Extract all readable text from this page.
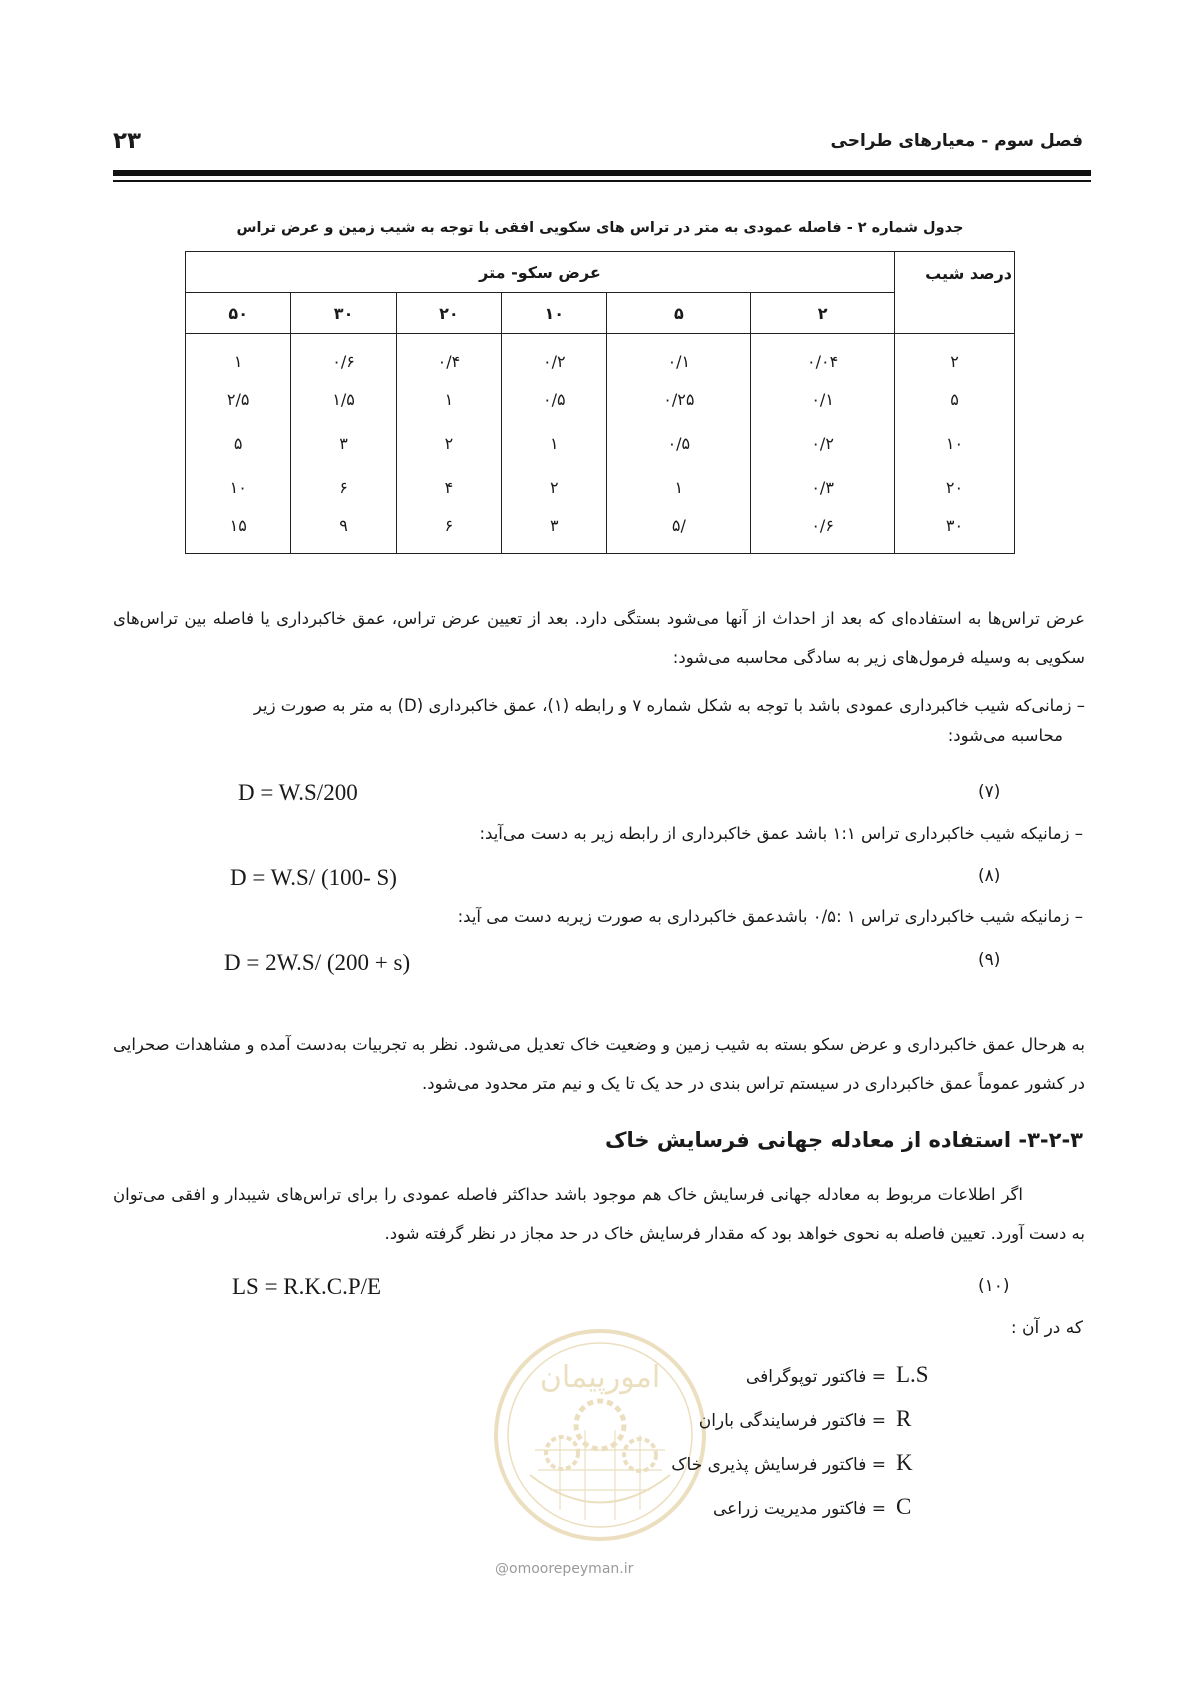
۲۳	فصل سوم - معیارهای طراحی
جدول شماره ۲ - فاصله عمودی به متر در تراس های سکویی افقی با توجه به شیب زمین و عرض تراس
درصد شیب	عرض سکو- متر					
	۲	۵	۱۰	۲۰	۳۰	۵۰
۲	۰/۰۴	۰/۱	۰/۲	۰/۴	۰/۶	۱
۵	۰/۱	۰/۲۵	۰/۵	۱	۱/۵	۲/۵
۱۰	۰/۲	۰/۵	۱	۲	۳	۵
۲۰	۰/۳	۱	۲	۴	۶	۱۰
۳۰	۰/۶	/۵	۳	۶	۹	۱۵
عرض تراس‌ها به استفاده‌ای که بعد از احداث از آنها می‌شود بستگی دارد. بعد از تعیین عرض تراس، عمق خاکبرداری یا فاصله بین تراس‌های سکویی به وسیله فرمول‌های زیر به سادگی محاسبه می‌شود:
– زمانی‌که شیب خاکبرداری عمودی باشد با توجه به شکل شماره ۷ و رابطه (۱)، عمق خاکبرداری (D) به متر به صورت زیر
محاسبه می‌شود:
D = W.S/200	(۷)
– زمانیکه شیب خاکبرداری تراس ۱:۱ باشد عمق خاکبرداری از رابطه زیر به دست می‌آید:
D = W.S/ (100- S)	(۸)
– زمانیکه شیب خاکبرداری تراس ۱ :۰/۵ باشدعمق خاکبرداری به صورت زیربه دست می آید:
D = 2W.S/ (200 + s)	(۹)
به هرحال عمق خاکبرداری و عرض سکو بسته به شیب زمین و وضعیت خاک تعدیل می‌شود. نظر به تجربیات به‌دست آمده و مشاهدات صحرایی در کشور عموماً عمق خاکبرداری در سیستم تراس بندی در حد یک تا یک و نیم متر محدود می‌شود.
۳-۲-۳- استفاده از معادله جهانی فرسایش خاک
اگر اطلاعات مربوط به معادله جهانی فرسایش خاک هم موجود باشد حداکثر فاصله عمودی را برای تراس‌های شیبدار و افقی می‌توان به دست آورد. تعیین فاصله به نحوی خواهد بود که مقدار فرسایش خاک در حد مجاز در نظر گرفته شود.
LS = R.K.C.P/E	(۱۰)
که در آن :
امورپیمان	L.S= فاکتور توپوگرافی
R= فاکتور فرسایندگی باران
K= فاکتور فرسایش پذیری خاک
C= فاکتور مدیریت زراعی
@omoorepeyman.ir
